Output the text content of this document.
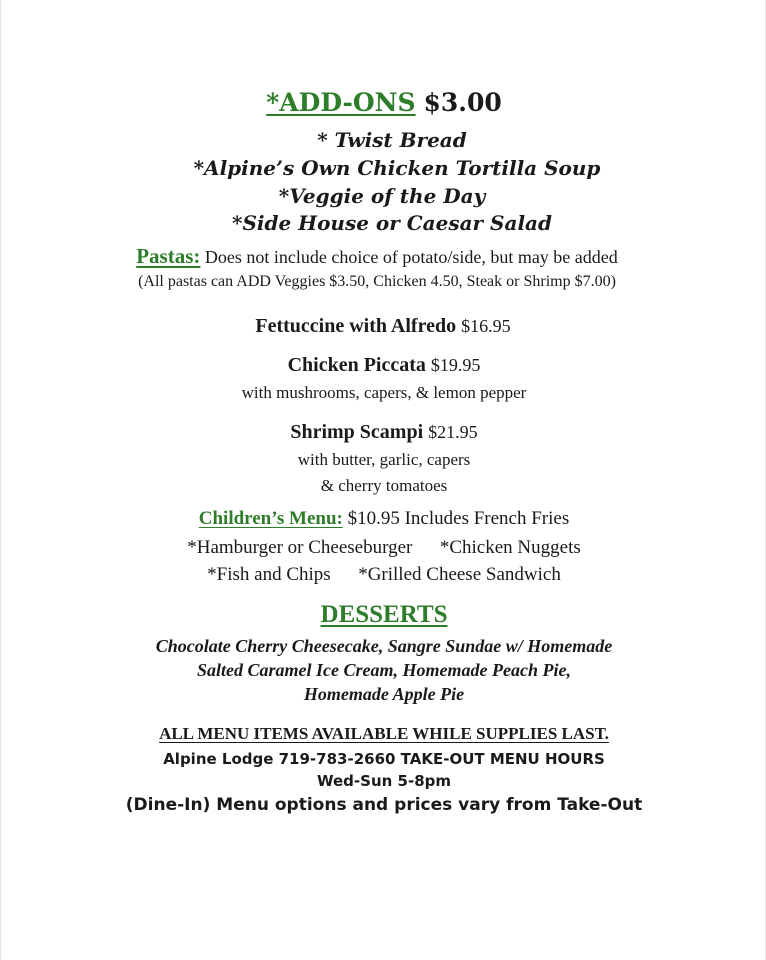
*ADD-ONS $3.00
* Twist Bread
*Alpine’s Own Chicken Tortilla Soup
*Veggie of the Day
*Side House or Caesar Salad
Pastas: Does not include choice of potato/side, but may be added
(All pastas can ADD Veggies $3.50, Chicken 4.50, Steak or Shrimp $7.00)
Fettuccine with Alfredo $16.95
Chicken Piccata $19.95
with mushrooms, capers, & lemon pepper
Shrimp Scampi $21.95
with butter, garlic, capers
& cherry tomatoes
Children’s Menu: $10.95 Includes French Fries
*Hamburger or Cheeseburger *Chicken Nuggets
*Fish and Chips *Grilled Cheese Sandwich
DESSERTS
Chocolate Cherry Cheesecake, Sangre Sundae w/ Homemade
Salted Caramel Ice Cream, Homemade Peach Pie,
Homemade Apple Pie
ALL MENU ITEMS AVAILABLE WHILE SUPPLIES LAST.
Alpine Lodge 719-783-2660 TAKE-OUT MENU HOURS
Wed-Sun 5-8pm
(Dine-In) Menu options and prices vary from Take-Out
